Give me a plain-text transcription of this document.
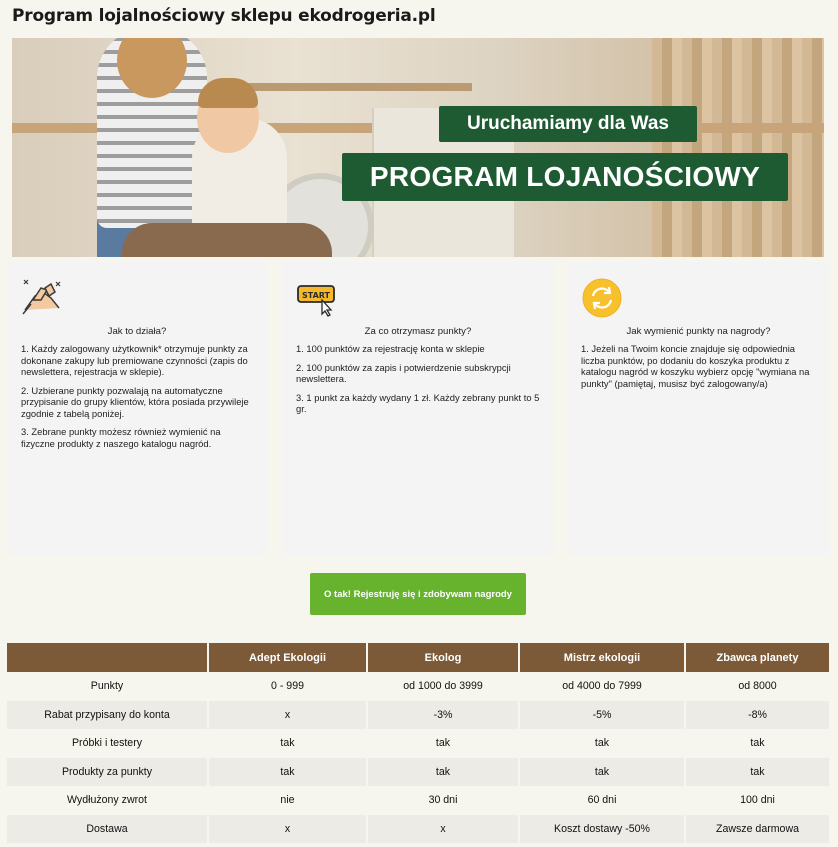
Program lojalnościowy sklepu ekodrogeria.pl
Uruchamiamy dla Was
PROGRAM LOJANOŚCIOWY
Jak to działa?

1. Każdy zalogowany użytkownik* otrzymuje punkty za dokonane zakupy lub premiowane czynności (zapis do newslettera, rejestracja w sklepie).

2. Uzbierane punkty pozwalają na automatyczne przypisanie do grupy klientów, która posiada przywileje zgodnie z tabelą poniżej.

3. Zebrane punkty możesz również wymienić na fizyczne produkty z naszego katalogu nagród.

START
Za co otrzymasz punkty?

1. 100 punktów za rejestrację konta w sklepie

2. 100 punktów za zapis i potwierdzenie subskrypcji newslettera.

3. 1 punkt za każdy wydany 1 zł. Każdy zebrany punkt to 5 gr.

Jak wymienić punkty na nagrody?

1. Jeżeli na Twoim koncie znajduje się odpowiednia liczba punktów, po dodaniu do koszyka produktu z katalogu nagród w koszyku wybierz opcję "wymiana na punkty" (pamiętaj, musisz być zalogowany/a)

O tak! Rejestruję się i zdobywam nagrody
	Adept Ekologii	Ekolog	Mistrz ekologii	Zbawca planety
Punkty	0 - 999	od 1000 do 3999	od 4000 do 7999	od 8000
Rabat przypisany do konta	x	-3%	-5%	-8%
Próbki i testery	tak	tak	tak	tak
Produkty za punkty	tak	tak	tak	tak
Wydłużony zwrot	nie	30 dni	60 dni	100 dni
Dostawa	x	x	Koszt dostawy -50%	Zawsze darmowa
